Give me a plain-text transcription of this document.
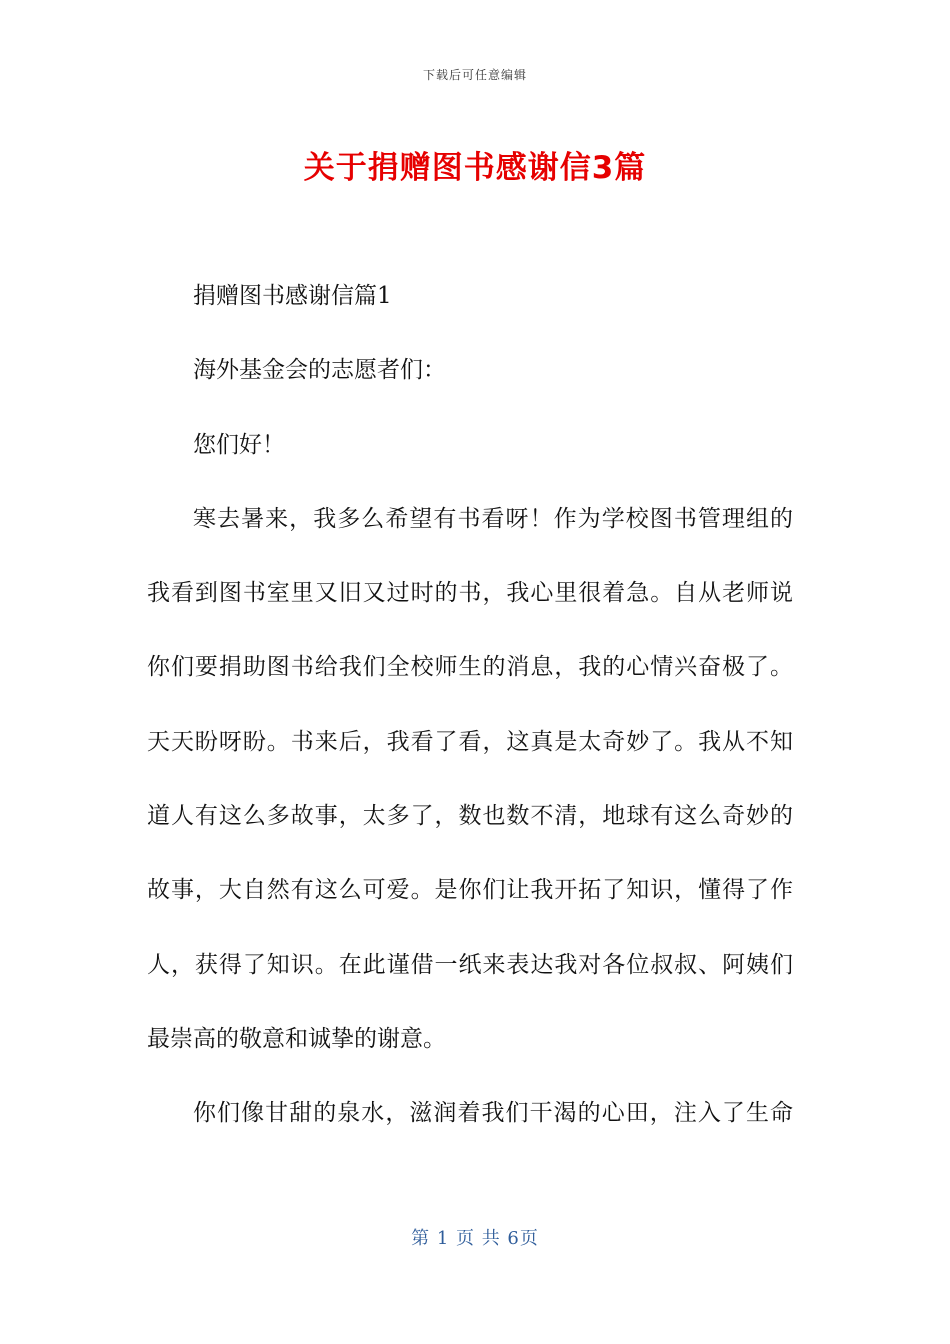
下载后可任意编辑
关于捐赠图书感谢信3篇
捐赠图书感谢信篇1
海外基金会的志愿者们：
您们好！
寒去暑来，我多么希望有书看呀！作为学校图书管理组的
我看到图书室里又旧又过时的书，我心里很着急。自从老师说
你们要捐助图书给我们全校师生的消息，我的心情兴奋极了。
天天盼呀盼。书来后，我看了看，这真是太奇妙了。我从不知
道人有这么多故事，太多了，数也数不清，地球有这么奇妙的
故事，大自然有这么可爱。是你们让我开拓了知识，懂得了作
人，获得了知识。在此谨借一纸来表达我对各位叔叔、阿姨们
最崇高的敬意和诚挚的谢意。
你们像甘甜的泉水，滋润着我们干渴的心田，注入了生命
第 1 页 共 6页
